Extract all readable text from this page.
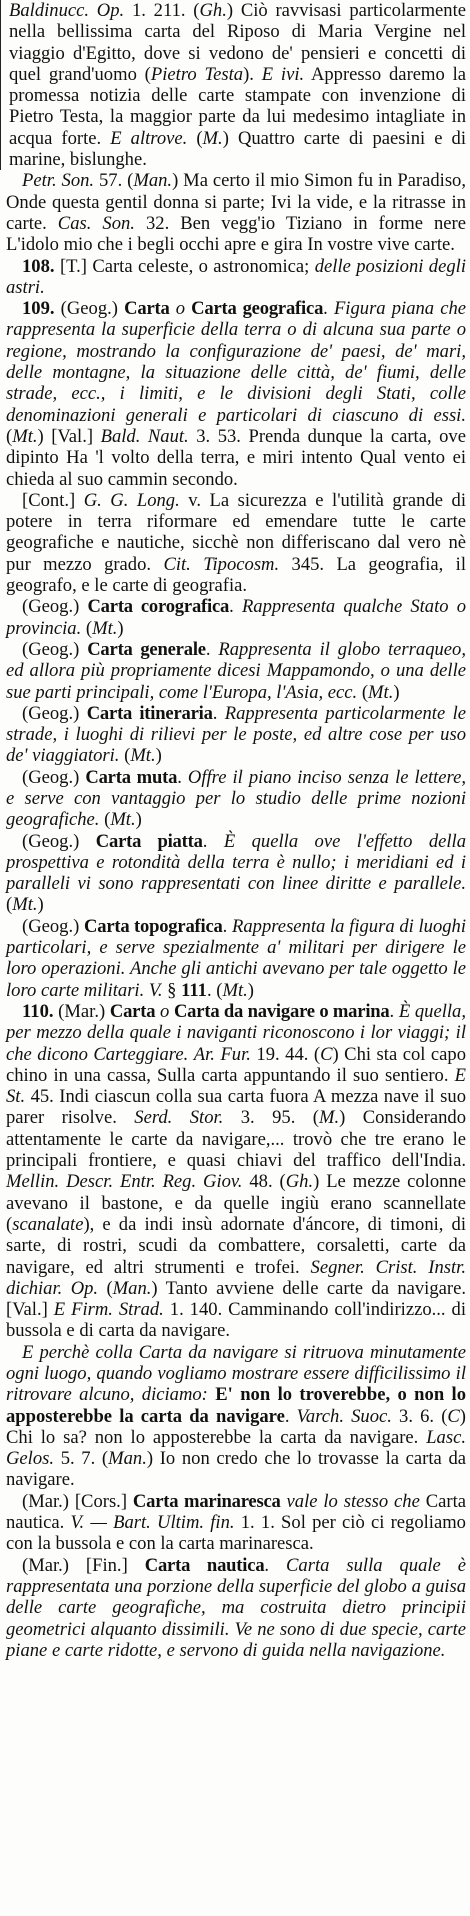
Baldinucc. Op. 1. 211. (Gh.) Ciò ravvisasi particolarmente nella bellissima carta del Riposo di Maria Vergine nel viaggio d'Egitto, dove si vedono de' pensieri e concetti di quel grand'uomo (Pietro Testa). E ivi. Appresso daremo la promessa notizia delle carte stampate con invenzione di Pietro Testa, la maggior parte da lui medesimo intagliate in acqua forte. E altrove. (M.) Quattro carte di paesini e di marine, bislunghe.

Petr. Son. 57. (Man.) Ma certo il mio Simon fu in Paradiso, Onde questa gentil donna si parte; Ivi la vide, e la ritrasse in carte. Cas. Son. 32. Ben vegg'io Tiziano in forme nere L'idolo mio che i begli occhi apre e gira In vostre vive carte.

108. [T.] Carta celeste, o astronomica; delle posizioni degli astri.

109. (Geog.) Carta o Carta geografica. Figura piana che rappresenta la superficie della terra o di alcuna sua parte o regione, mostrando la configurazione de' paesi, de' mari, delle montagne, la situazione delle città, de' fiumi, delle strade, ecc., i limiti, e le divisioni degli Stati, colle denominazioni generali e particolari di ciascuno di essi. (Mt.) [Val.] Bald. Naut. 3. 53. Prenda dunque la carta, ove dipinto Ha 'l volto della terra, e miri intento Qual vento ei chieda al suo cammin secondo.

[Cont.] G. G. Long. v. La sicurezza e l'utilità grande di potere in terra riformare ed emendare tutte le carte geografiche e nautiche, sicchè non differiscano dal vero nè pur mezzo grado. Cit. Tipocosm. 345. La geografia, il geografo, e le carte di geografia.

(Geog.) Carta corografica. Rappresenta qualche Stato o provincia. (Mt.)

(Geog.) Carta generale. Rappresenta il globo terraqueo, ed allora più propriamente dicesi Mappamondo, o una delle sue parti principali, come l'Europa, l'Asia, ecc. (Mt.)

(Geog.) Carta itineraria. Rappresenta particolarmente le strade, i luoghi di rilievi per le poste, ed altre cose per uso de' viaggiatori. (Mt.)

(Geog.) Carta muta. Offre il piano inciso senza le lettere, e serve con vantaggio per lo studio delle prime nozioni geografiche. (Mt.)

(Geog.) Carta piatta. È quella ove l'effetto della prospettiva e rotondità della terra è nullo; i meridiani ed i paralleli vi sono rappresentati con linee diritte e parallele. (Mt.)

(Geog.) Carta topografica. Rappresenta la figura di luoghi particolari, e serve spezialmente a' militari per dirigere le loro operazioni. Anche gli antichi avevano per tale oggetto le loro carte militari. V. § 111. (Mt.)

110. (Mar.) Carta o Carta da navigare o marina. È quella, per mezzo della quale i naviganti riconoscono i lor viaggi; il che dicono Carteggiare. Ar. Fur. 19. 44. (C) Chi sta col capo chino in una cassa, Sulla carta appuntando il suo sentiero. E St. 45. Indi ciascun colla sua carta fuora A mezza nave il suo parer risolve. Serd. Stor. 3. 95. (M.) Considerando attentamente le carte da navigare,... trovò che tre erano le principali frontiere, e quasi chiavi del traffico dell'India. Mellin. Descr. Entr. Reg. Giov. 48. (Gh.) Le mezze colonne avevano il bastone, e da quelle ingiù erano scannellate (scanalate), e da indi insù adornate d'áncore, di timoni, di sarte, di rostri, scudi da combattere, corsaletti, carte da navigare, ed altri strumenti e trofei. Segner. Crist. Instr. dichiar. Op. (Man.) Tanto avviene delle carte da navigare. [Val.] E Firm. Strad. 1. 140. Camminando coll'indirizzo... di bussola e di carta da navigare.

E perchè colla Carta da navigare si ritruova minutamente ogni luogo, quando vogliamo mostrare essere difficilissimo il ritrovare alcuno, diciamo: E' non lo troverebbe, o non lo apposterebbe la carta da navigare. Varch. Suoc. 3. 6. (C) Chi lo sa? non lo apposterebbe la carta da navigare. Lasc. Gelos. 5. 7. (Man.) Io non credo che lo trovasse la carta da navigare.

(Mar.) [Cors.] Carta marinaresca vale lo stesso che Carta nautica. V. — Bart. Ultim. fin. 1. 1. Sol per ciò ci regoliamo con la bussola e con la carta marinaresca.

(Mar.) [Fin.] Carta nautica. Carta sulla quale è rappresentata una porzione della superficie del globo a guisa delle carte geografiche, ma costruita dietro principii geometrici alquanto dissimili. Ve ne sono di due specie, carte piane e carte ridotte, e servono di guida nella navigazione.
